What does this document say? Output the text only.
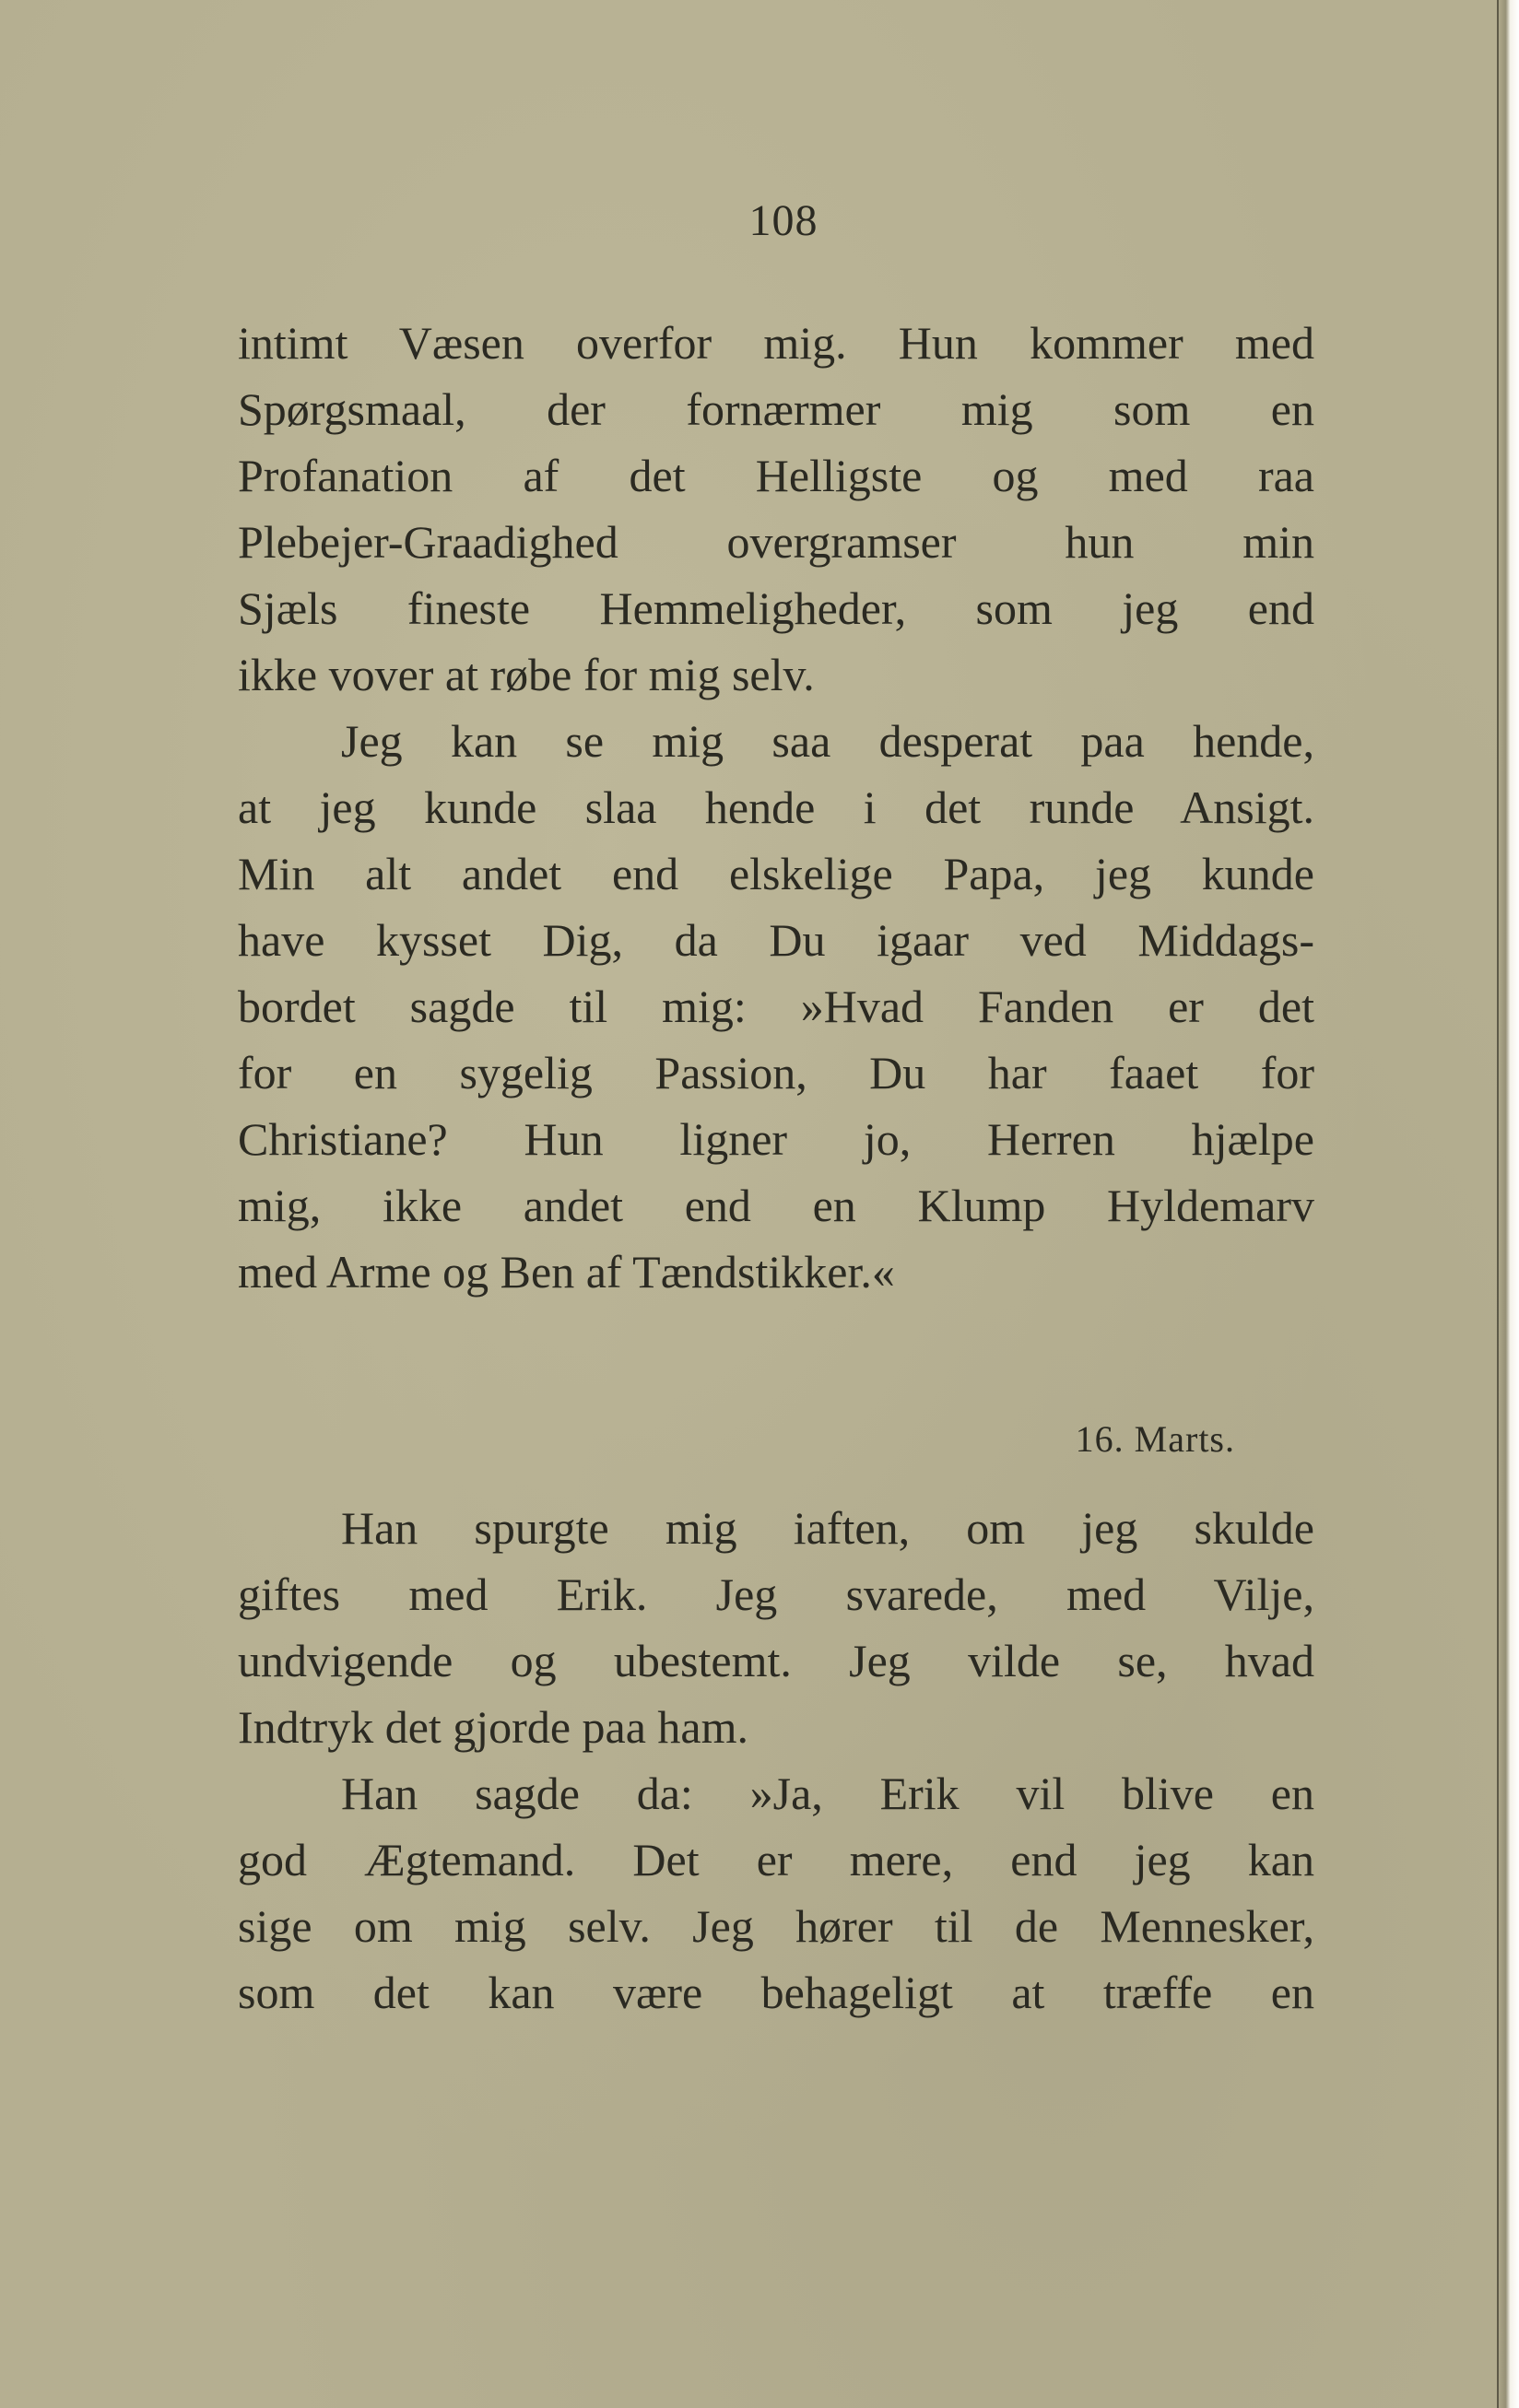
108
intimt Væsen overfor mig. Hun kommer med
Spørgsmaal, der fornærmer mig som en
Profanation af det Helligste og med raa
Plebejer-Graadighed overgramser hun min
Sjæls fineste Hemmeligheder, som jeg end
ikke vover at røbe for mig selv.
Jeg kan se mig saa desperat paa hende,
at jeg kunde slaa hende i det runde Ansigt.
Min alt andet end elskelige Papa, jeg kunde
have kysset Dig, da Du igaar ved Middags-
bordet sagde til mig: »Hvad Fanden er det
for en sygelig Passion, Du har faaet for
Christiane? Hun ligner jo, Herren hjælpe
mig, ikke andet end en Klump Hyldemarv
med Arme og Ben af Tændstikker.«
16. Marts.
Han spurgte mig iaften, om jeg skulde
giftes med Erik. Jeg svarede, med Vilje,
undvigende og ubestemt. Jeg vilde se, hvad
Indtryk det gjorde paa ham.
Han sagde da: »Ja, Erik vil blive en
god Ægtemand. Det er mere, end jeg kan
sige om mig selv. Jeg hører til de Mennesker,
som det kan være behageligt at træffe en
